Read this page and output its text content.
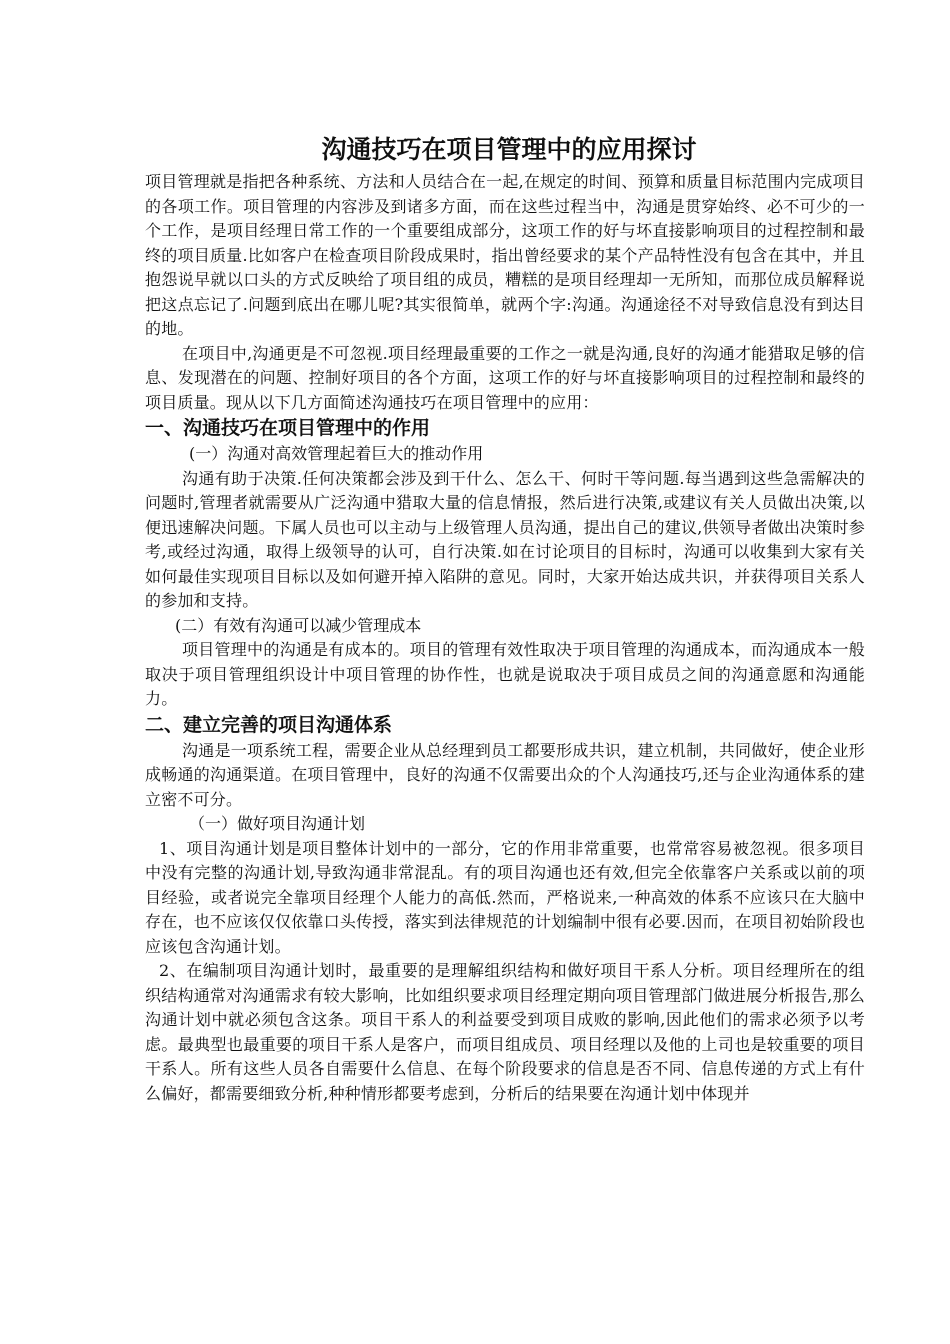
沟通技巧在项目管理中的应用探讨

项目管理就是指把各种系统、方法和人员结合在一起,在规定的时间、预算和质量目标范围内完成项目的各项工作。项目管理的内容涉及到诸多方面，而在这些过程当中，沟通是贯穿始终、必不可少的一个工作，是项目经理日常工作的一个重要组成部分，这项工作的好与坏直接影响项目的过程控制和最终的项目质量.比如客户在检查项目阶段成果时，指出曾经要求的某个产品特性没有包含在其中，并且抱怨说早就以口头的方式反映给了项目组的成员，糟糕的是项目经理却一无所知，而那位成员解释说把这点忘记了.问题到底出在哪儿呢?其实很简单，就两个字:沟通。沟通途径不对导致信息没有到达目的地。

在项目中,沟通更是不可忽视.项目经理最重要的工作之一就是沟通,良好的沟通才能猎取足够的信息、发现潜在的问题、控制好项目的各个方面，这项工作的好与坏直接影响项目的过程控制和最终的项目质量。现从以下几方面简述沟通技巧在项目管理中的应用：

一、沟通技巧在项目管理中的作用

(一）沟通对高效管理起着巨大的推动作用

沟通有助于决策.任何决策都会涉及到干什么、怎么干、何时干等问题.每当遇到这些急需解决的问题时,管理者就需要从广泛沟通中猎取大量的信息情报，然后进行决策,或建议有关人员做出决策,以便迅速解决问题。下属人员也可以主动与上级管理人员沟通，提出自己的建议,供领导者做出决策时参考,或经过沟通，取得上级领导的认可，自行决策.如在讨论项目的目标时，沟通可以收集到大家有关如何最佳实现项目目标以及如何避开掉入陷阱的意见。同时，大家开始达成共识，并获得项目关系人的参加和支持。

(二）有效有沟通可以减少管理成本

项目管理中的沟通是有成本的。项目的管理有效性取决于项目管理的沟通成本，而沟通成本一般取决于项目管理组织设计中项目管理的协作性，也就是说取决于项目成员之间的沟通意愿和沟通能力。

二、建立完善的项目沟通体系

沟通是一项系统工程，需要企业从总经理到员工都要形成共识，建立机制，共同做好，使企业形成畅通的沟通渠道。在项目管理中，良好的沟通不仅需要出众的个人沟通技巧,还与企业沟通体系的建立密不可分。

（一）做好项目沟通计划

1、项目沟通计划是项目整体计划中的一部分，它的作用非常重要，也常常容易被忽视。很多项目中没有完整的沟通计划,导致沟通非常混乱。有的项目沟通也还有效,但完全依靠客户关系或以前的项目经验，或者说完全靠项目经理个人能力的高低.然而，严格说来,一种高效的体系不应该只在大脑中存在，也不应该仅仅依靠口头传授，落实到法律规范的计划编制中很有必要.因而，在项目初始阶段也应该包含沟通计划。

2、在编制项目沟通计划时，最重要的是理解组织结构和做好项目干系人分析。项目经理所在的组织结构通常对沟通需求有较大影响，比如组织要求项目经理定期向项目管理部门做进展分析报告,那么沟通计划中就必须包含这条。项目干系人的利益要受到项目成败的影响,因此他们的需求必须予以考虑。最典型也最重要的项目干系人是客户，而项目组成员、项目经理以及他的上司也是较重要的项目干系人。所有这些人员各自需要什么信息、在每个阶段要求的信息是否不同、信息传递的方式上有什么偏好，都需要细致分析,种种情形都要考虑到，分析后的结果要在沟通计划中体现并
